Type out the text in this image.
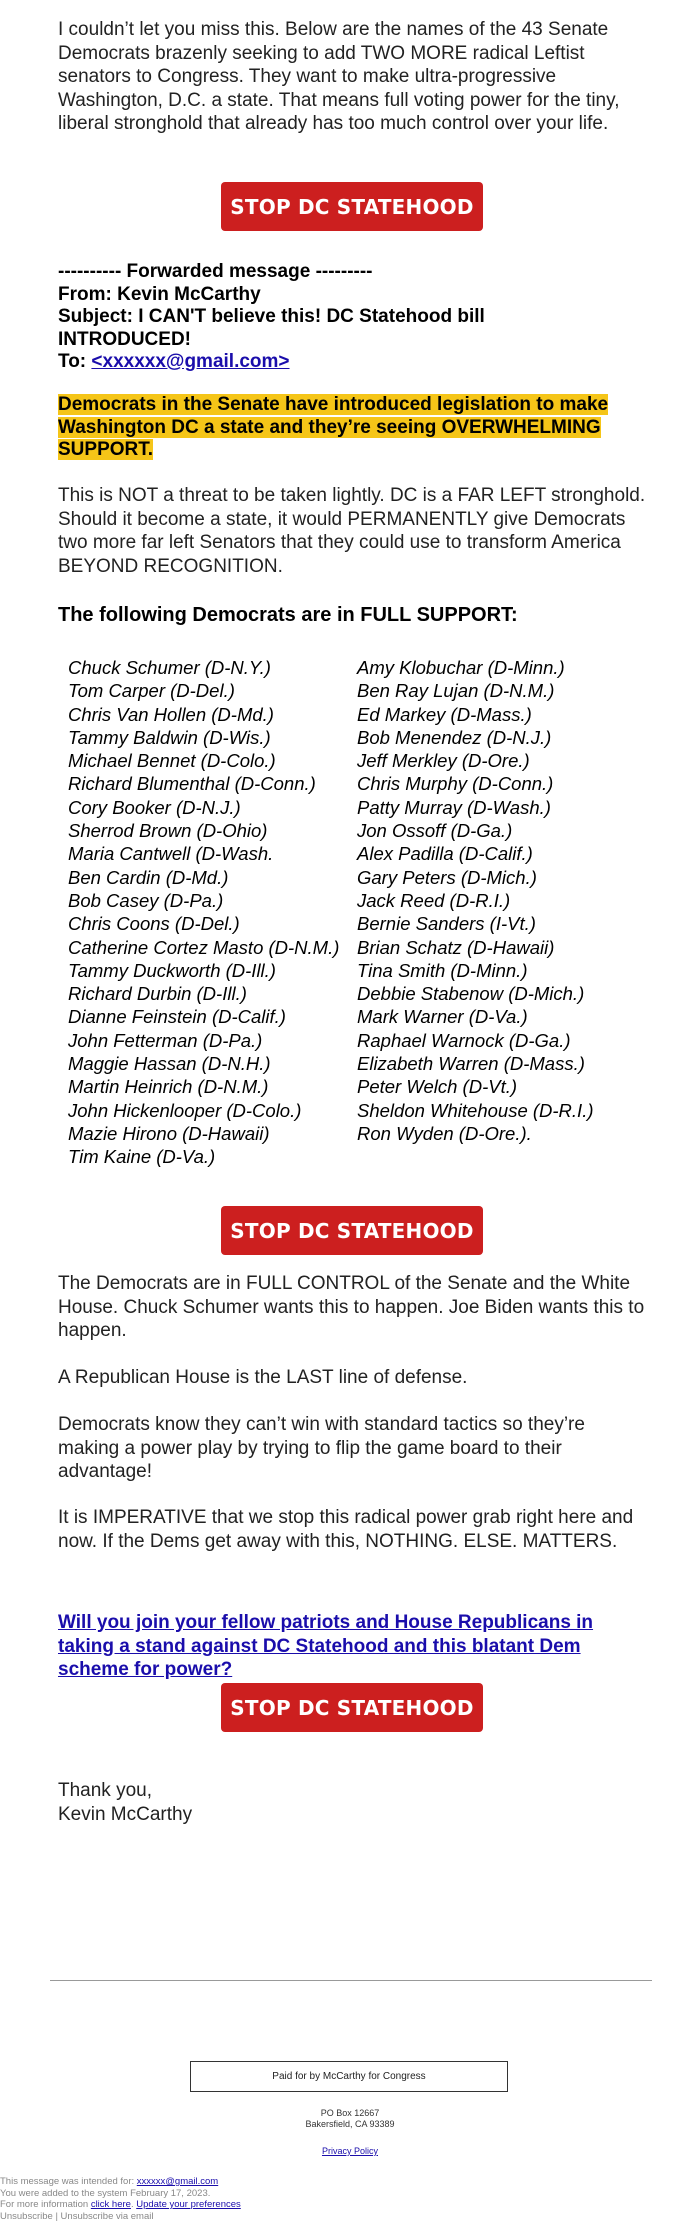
I couldn’t let you miss this. Below are the names of the 43 Senate Democrats brazenly seeking to add TWO MORE radical Leftist senators to Congress. They want to make ultra-progressive Washington, D.C. a state. That means full voting power for the tiny, liberal stronghold that already has too much control over your life.
STOP DC STATEHOOD
---------- Forwarded message ---------
From: Kevin McCarthy
Subject: I CAN'T believe this! DC Statehood bill INTRODUCED!
To: <xxxxxx@gmail.com>
Democrats in the Senate have introduced legislation to make Washington DC a state and they’re seeing OVERWHELMING SUPPORT.
This is NOT a threat to be taken lightly. DC is a FAR LEFT stronghold. Should it become a state, it would PERMANENTLY give Democrats two more far left Senators that they could use to transform America BEYOND RECOGNITION.
The following Democrats are in FULL SUPPORT:
Chuck Schumer (D-N.Y.)
Tom Carper (D-Del.)
Chris Van Hollen (D-Md.)
Tammy Baldwin (D-Wis.)
Michael Bennet (D-Colo.)
Richard Blumenthal (D-Conn.)
Cory Booker (D-N.J.)
Sherrod Brown (D-Ohio)
Maria Cantwell (D-Wash.
Ben Cardin (D-Md.)
Bob Casey (D-Pa.)
Chris Coons (D-Del.)
Catherine Cortez Masto (D-N.M.)
Tammy Duckworth (D-Ill.)
Richard Durbin (D-Ill.)
Dianne Feinstein (D-Calif.)
John Fetterman (D-Pa.)
Maggie Hassan (D-N.H.)
Martin Heinrich (D-N.M.)
John Hickenlooper (D-Colo.)
Mazie Hirono (D-Hawaii)
Tim Kaine (D-Va.)
Amy Klobuchar (D-Minn.)
Ben Ray Lujan (D-N.M.)
Ed Markey (D-Mass.)
Bob Menendez (D-N.J.)
Jeff Merkley (D-Ore.)
Chris Murphy (D-Conn.)
Patty Murray (D-Wash.)
Jon Ossoff (D-Ga.)
Alex Padilla (D-Calif.)
Gary Peters (D-Mich.)
Jack Reed (D-R.I.)
Bernie Sanders (I-Vt.)
Brian Schatz (D-Hawaii)
Tina Smith (D-Minn.)
Debbie Stabenow (D-Mich.)
Mark Warner (D-Va.)
Raphael Warnock (D-Ga.)
Elizabeth Warren (D-Mass.)
Peter Welch (D-Vt.)
Sheldon Whitehouse (D-R.I.)
Ron Wyden (D-Ore.).
STOP DC STATEHOOD
The Democrats are in FULL CONTROL of the Senate and the White House. Chuck Schumer wants this to happen. Joe Biden wants this to happen.
A Republican House is the LAST line of defense.
Democrats know they can’t win with standard tactics so they’re making a power play by trying to flip the game board to their advantage!
It is IMPERATIVE that we stop this radical power grab right here and now. If the Dems get away with this, NOTHING. ELSE. MATTERS.
Will you join your fellow patriots and House Republicans in taking a stand against DC Statehood and this blatant Dem scheme for power?
STOP DC STATEHOOD
Thank you,
Kevin McCarthy
Paid for by McCarthy for Congress
PO Box 12667
Bakersfield, CA 93389
Privacy Policy
This message was intended for: xxxxxx@gmail.com
You were added to the system February 17, 2023.
For more information click here. Update your preferences
Unsubscribe | Unsubscribe via email
